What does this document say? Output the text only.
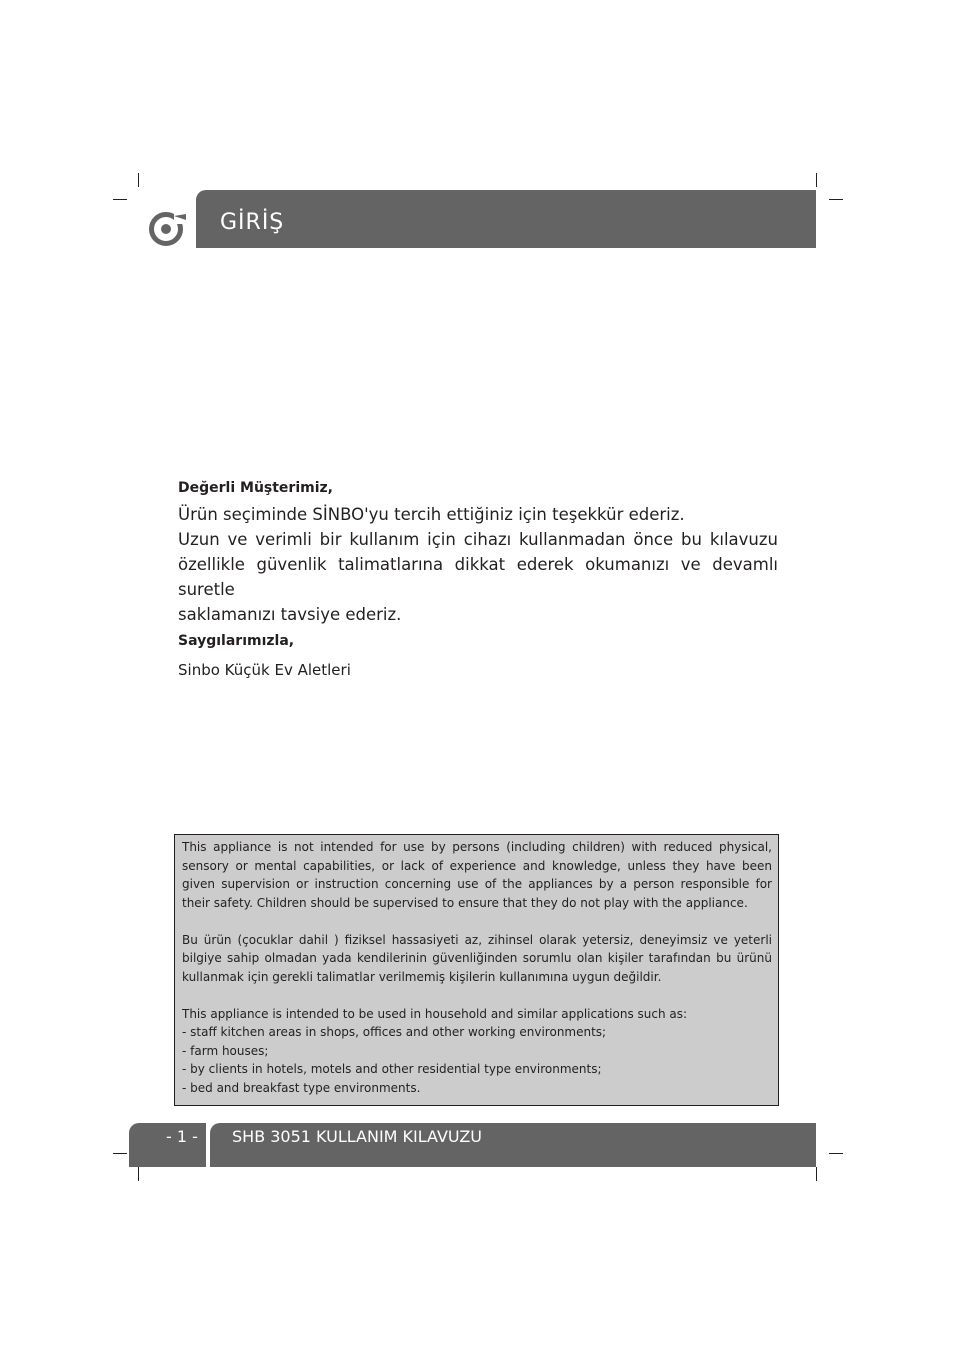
GİRİŞ
Değerli Müşterimiz,
Ürün seçiminde SİNBO'yu tercih ettiğiniz için teşekkür ederiz.
Uzun ve verimli bir kullanım için cihazı kullanmadan önce bu kılavuzu
özellikle güvenlik talimatlarına dikkat ederek okumanızı ve devamlı suretle
saklamanızı tavsiye ederiz.
Saygılarımızla,
Sinbo Küçük Ev Aletleri

This appliance is not intended for use by persons (including children) with reduced physical, sensory or mental capabilities, or lack of experience and knowledge, unless they have been given supervision or instruction concerning use of the appliances by a person responsible for their safety. Children should be supervised to ensure that they do not play with the appliance.

Bu ürün (çocuklar dahil ) fiziksel hassasiyeti az, zihinsel olarak yetersiz, deneyimsiz ve yeterli bilgiye sahip olmadan yada kendilerinin güvenliğinden sorumlu olan kişiler tarafından bu ürünü kullanmak için gerekli talimatlar verilmemiş kişilerin kullanımına uygun değildir.

This appliance is intended to be used in household and similar applications such as:

- staff kitchen areas in shops, offices and other working environments;

- farm houses;

- by clients in hotels, motels and other residential type environments;

- bed and breakfast type environments.

- 1 - SHB 3051 KULLANIM KILAVUZU
